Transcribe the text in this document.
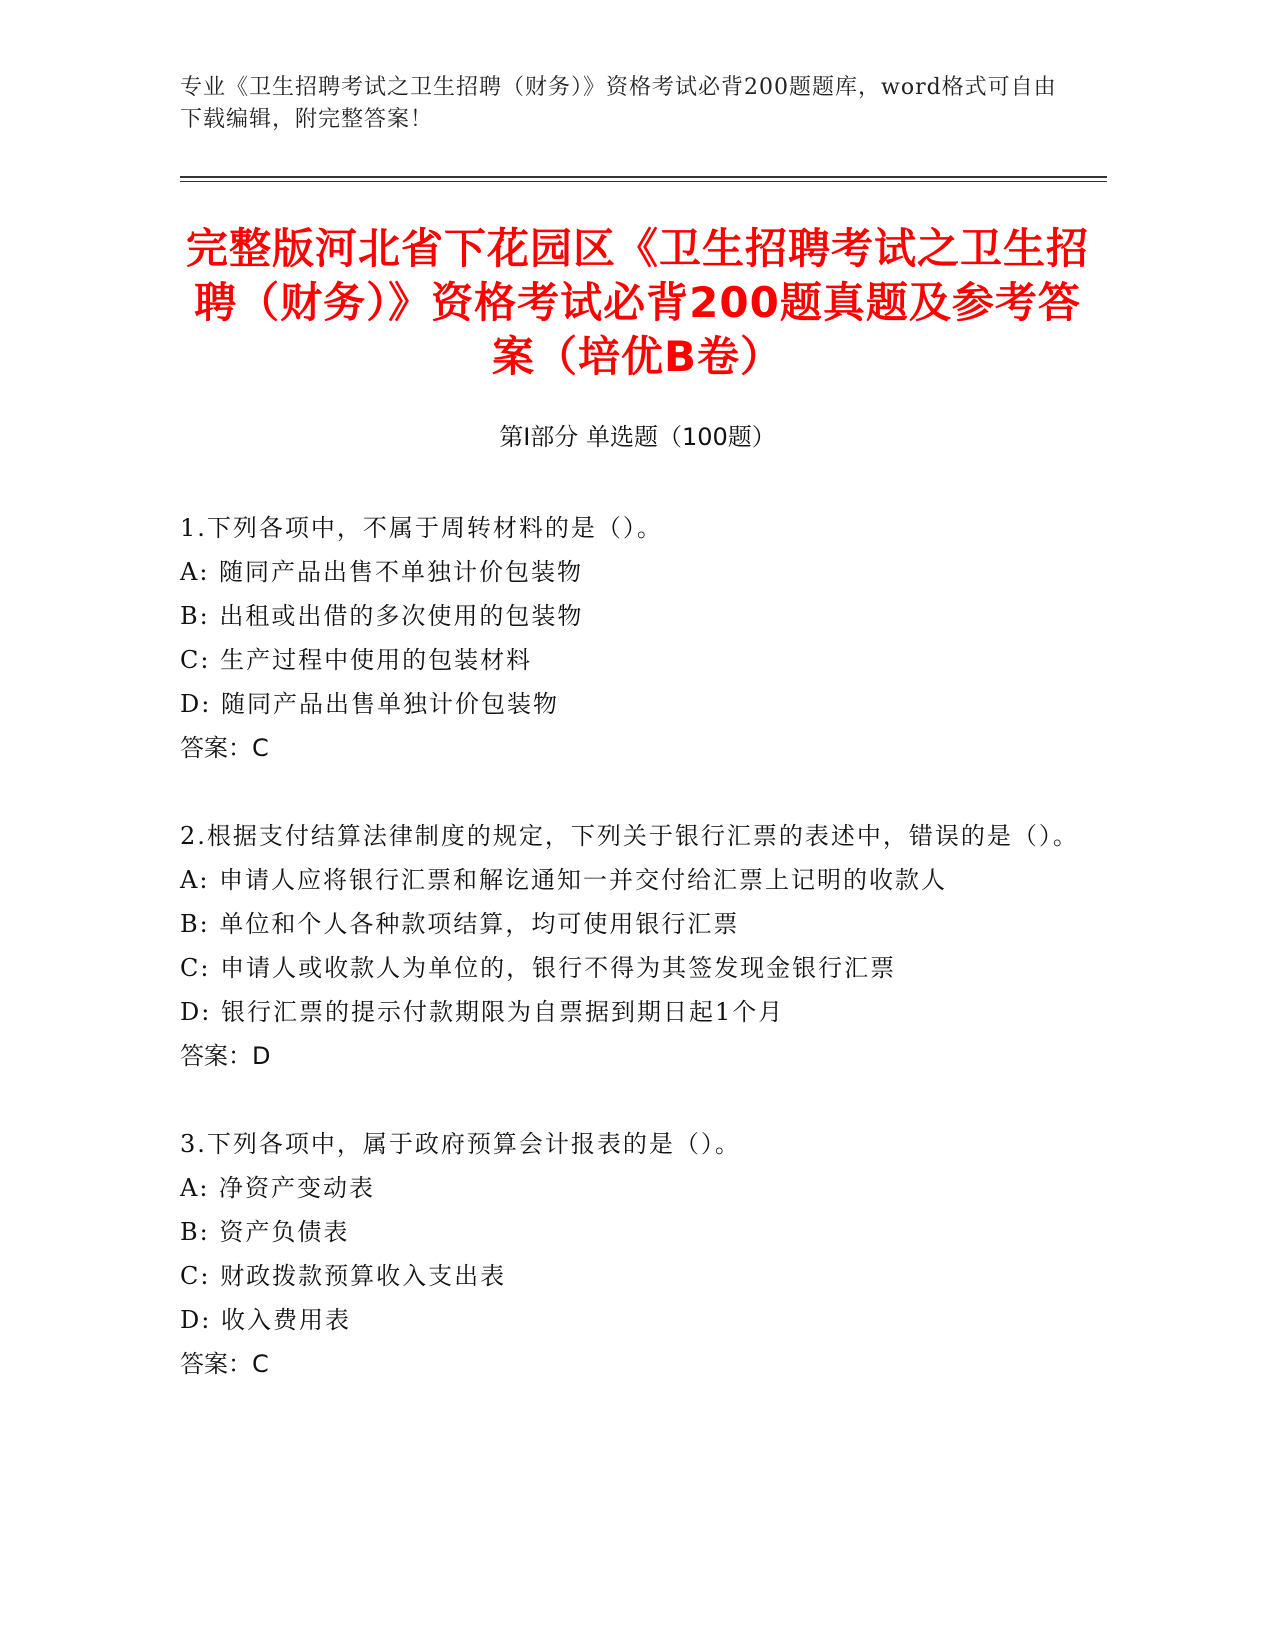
专业《卫生招聘考试之卫生招聘（财务）》资格考试必背200题题库，word格式可自由下载编辑，附完整答案！
完整版河北省下花园区《卫生招聘考试之卫生招聘（财务）》资格考试必背200题真题及参考答案（培优B卷）
第I部分 单选题（100题）
1.下列各项中，不属于周转材料的是（）。
A: 随同产品出售不单独计价包装物
B: 出租或出借的多次使用的包装物
C: 生产过程中使用的包装材料
D: 随同产品出售单独计价包装物
答案：C
2.根据支付结算法律制度的规定，下列关于银行汇票的表述中，错误的是（）。
A: 申请人应将银行汇票和解讫通知一并交付给汇票上记明的收款人
B: 单位和个人各种款项结算，均可使用银行汇票
C: 申请人或收款人为单位的，银行不得为其签发现金银行汇票
D: 银行汇票的提示付款期限为自票据到期日起1个月
答案：D
3.下列各项中，属于政府预算会计报表的是（）。
A: 净资产变动表
B: 资产负债表
C: 财政拨款预算收入支出表
D: 收入费用表
答案：C
